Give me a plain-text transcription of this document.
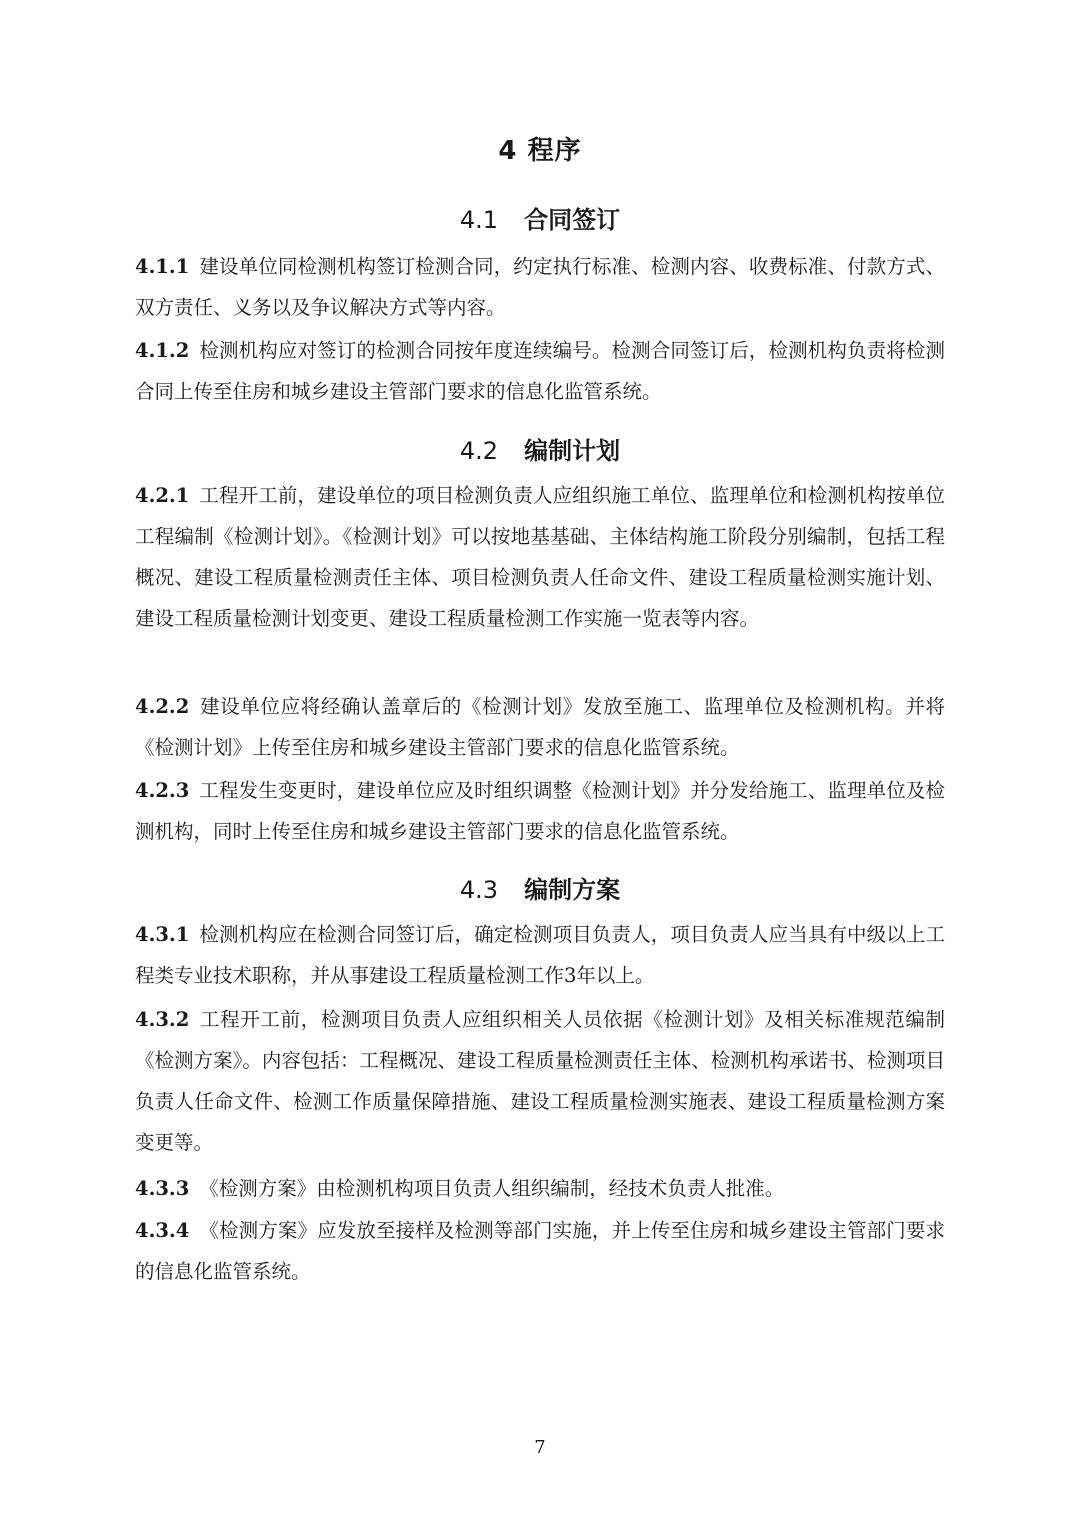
4 程序
4.1 合同签订
4.1.1 建设单位同检测机构签订检测合同，约定执行标准、检测内容、收费标准、付款方式、双方责任、义务以及争议解决方式等内容。
4.1.2 检测机构应对签订的检测合同按年度连续编号。检测合同签订后，检测机构负责将检测合同上传至住房和城乡建设主管部门要求的信息化监管系统。
4.2 编制计划
4.2.1 工程开工前，建设单位的项目检测负责人应组织施工单位、监理单位和检测机构按单位工程编制《检测计划》。《检测计划》可以按地基基础、主体结构施工阶段分别编制，包括工程概况、建设工程质量检测责任主体、项目检测负责人任命文件、建设工程质量检测实施计划、建设工程质量检测计划变更、建设工程质量检测工作实施一览表等内容。
4.2.2 建设单位应将经确认盖章后的《检测计划》发放至施工、监理单位及检测机构。并将《检测计划》上传至住房和城乡建设主管部门要求的信息化监管系统。
4.2.3 工程发生变更时，建设单位应及时组织调整《检测计划》并分发给施工、监理单位及检测机构，同时上传至住房和城乡建设主管部门要求的信息化监管系统。
4.3 编制方案
4.3.1 检测机构应在检测合同签订后，确定检测项目负责人，项目负责人应当具有中级以上工程类专业技术职称，并从事建设工程质量检测工作3年以上。
4.3.2 工程开工前，检测项目负责人应组织相关人员依据《检测计划》及相关标准规范编制《检测方案》。内容包括：工程概况、建设工程质量检测责任主体、检测机构承诺书、检测项目负责人任命文件、检测工作质量保障措施、建设工程质量检测实施表、建设工程质量检测方案变更等。
4.3.3 《检测方案》由检测机构项目负责人组织编制，经技术负责人批准。
4.3.4 《检测方案》应发放至接样及检测等部门实施，并上传至住房和城乡建设主管部门要求的信息化监管系统。
7
